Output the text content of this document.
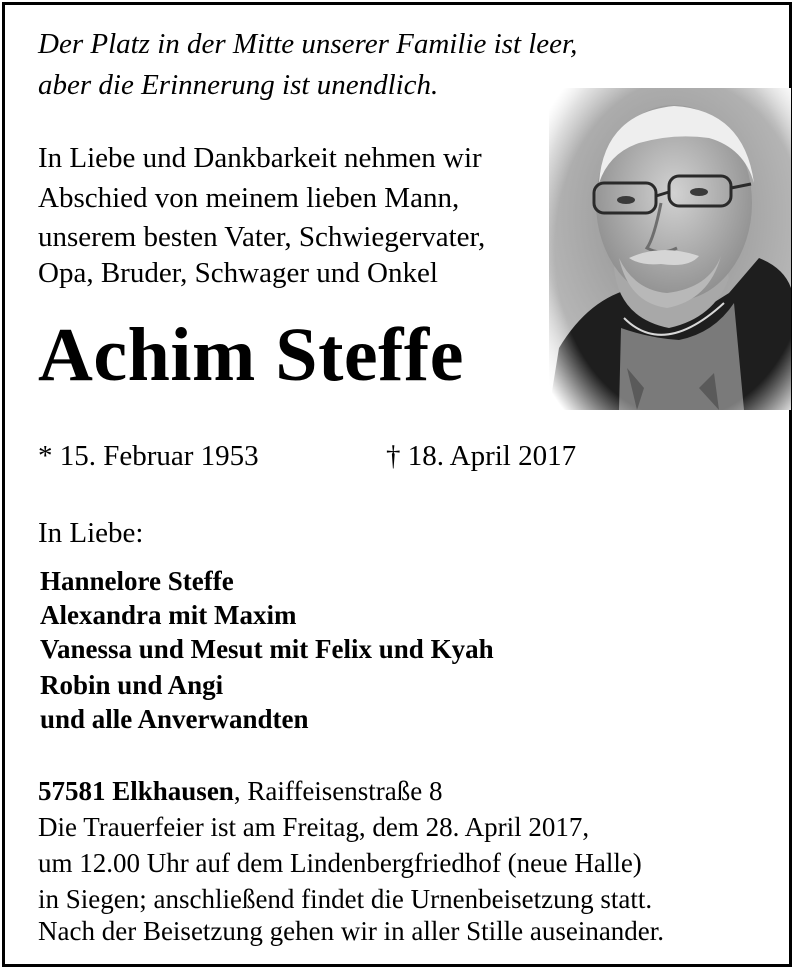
Der Platz in der Mitte unserer Familie ist leer,
aber die Erinnerung ist unendlich.
In Liebe und Dankbarkeit nehmen wir
Abschied von meinem lieben Mann,
unserem besten Vater, Schwiegervater,
Opa, Bruder, Schwager und Onkel
Achim Steffe
* 15. Februar 1953	† 18. April 2017
In Liebe:
Hannelore Steffe
Alexandra mit Maxim
Vanessa und Mesut mit Felix und Kyah
Robin und Angi
und alle Anverwandten
57581 Elkhausen, Raiffeisenstraße 8
Die Trauerfeier ist am Freitag, dem 28. April 2017,
um 12.00 Uhr auf dem Lindenbergfriedhof (neue Halle)
in Siegen; anschließend findet die Urnenbeisetzung statt.
Nach der Beisetzung gehen wir in aller Stille auseinander.
